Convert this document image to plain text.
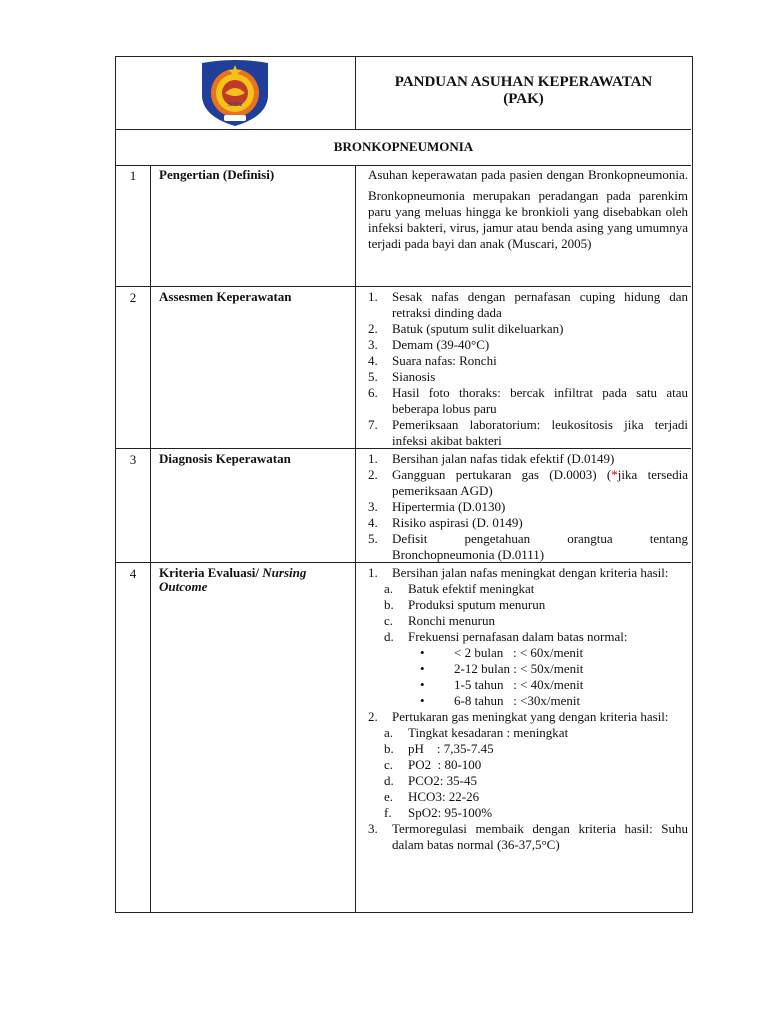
Sri Bai
PANDUAN ASUHAN KEPERAWATAN
(PAK)
BRONKOPNEUMONIA
1	Pengertian (Definisi)	Asuhan keperawatan pada pasien dengan Bronkopneumonia.

Bronkopneumonia merupakan peradangan pada parenkim paru yang meluas hingga ke bronkioli yang disebabkan oleh infeksi bakteri, virus, jamur atau benda asing yang umumnya terjadi pada bayi dan anak (Muscari, 2005)

2	Assesmen Keperawatan	1. Sesak nafas dengan pernafasan cuping hidung dan retraksi dinding dada
2. Batuk (sputum sulit dikeluarkan)
3. Demam (39-40°C)
4. Suara nafas: Ronchi
5. Sianosis
6. Hasil foto thoraks: bercak infiltrat pada satu atau beberapa lobus paru
7. Pemeriksaan laboratorium: leukositosis jika terjadi infeksi akibat bakteri
3	Diagnosis Keperawatan	1. Bersihan jalan nafas tidak efektif (D.0149)
2. Gangguan pertukaran gas (D.0003) (*jika tersedia pemeriksaan AGD)
3. Hipertermia (D.0130)
4. Risiko aspirasi (D. 0149)
5. Defisit pengetahuan orangtua tentang Bronchopneumonia (D.0111)
4	Kriteria Evaluasi/ Nursing Outcome
1. Bersihan jalan nafas meningkat dengan kriteria hasil:
a. Batuk efektif meningkat
b. Produksi sputum menurun
c. Ronchi menurun
d. Frekuensi pernafasan dalam batas normal:
• < 2 bulan   : < 60x/menit
• 2-12 bulan : < 50x/menit
• 1-5 tahun   : < 40x/menit
• 6-8 tahun   : <30x/menit
2. Pertukaran gas meningkat yang dengan kriteria hasil:
a. Tingkat kesadaran : meningkat
b. pH    : 7,35-7.45
c. PO2  : 80-100
d. PCO2: 35-45
e. HCO3: 22-26
f. SpO2: 95-100%
3. Termoregulasi membaik dengan kriteria hasil: Suhu dalam batas normal (36-37,5°C)
